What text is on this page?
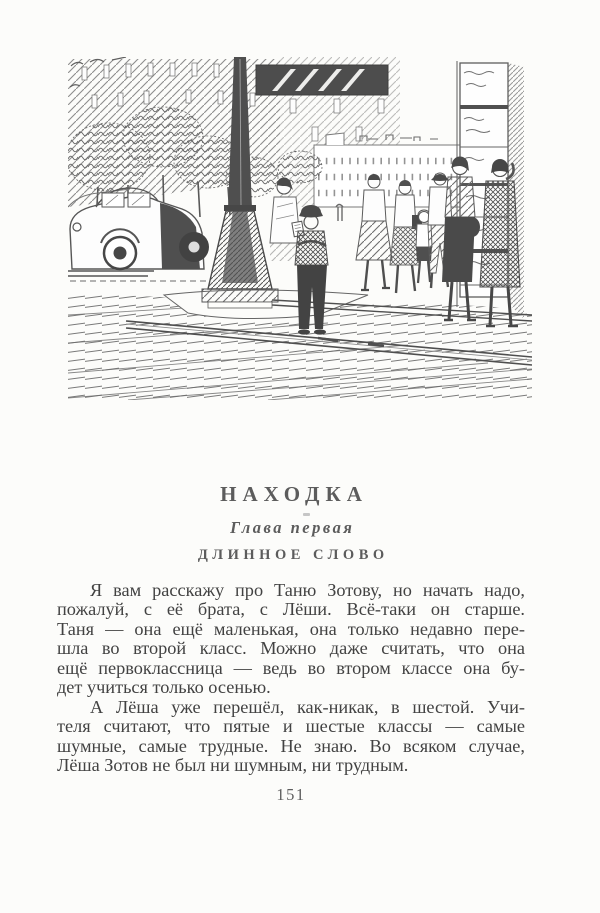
НАХОДКА
Глава первая
ДЛИННОЕ СЛОВО
Я вам расскажу про Таню Зотову, но начать надо,
пожалуй, с её брата, с Лёши. Всё-таки он старше.
Таня — она ещё маленькая, она только недавно пере-
шла во второй класс. Можно даже считать, что она
ещё первоклассница — ведь во втором классе она бу-
дет учиться только осенью.
А Лёша уже перешёл, как-никак, в шестой. Учи-
теля считают, что пятые и шестые классы — самые
шумные, самые трудные. Не знаю. Во всяком случае,
Лёша Зотов не был ни шумным, ни трудным.
151
